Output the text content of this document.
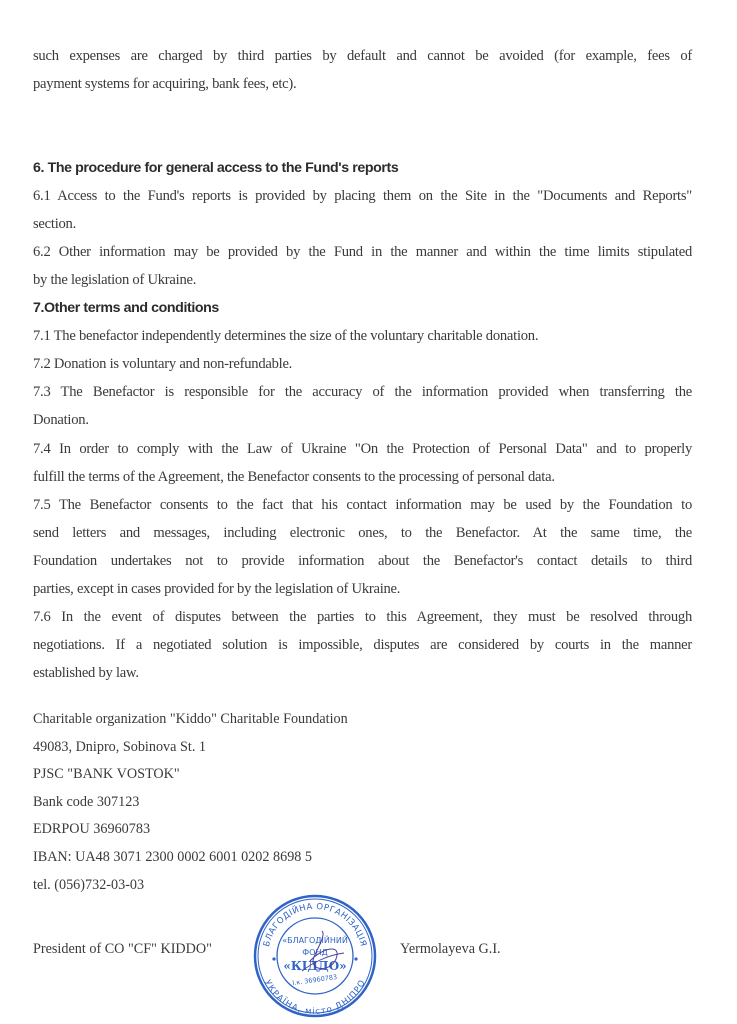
such expenses are charged by third parties by default and cannot be avoided (for example, fees of
payment systems for acquiring, bank fees, etc).
6. The procedure for general access to the Fund's reports
6.1 Access to the Fund's reports is provided by placing them on the Site in the "Documents and Reports"
section.
6.2 Other information may be provided by the Fund in the manner and within the time limits stipulated
by the legislation of Ukraine.
7.Other terms and conditions
7.1 The benefactor independently determines the size of the voluntary charitable donation.
7.2 Donation is voluntary and non-refundable.
7.3 The Benefactor is responsible for the accuracy of the information provided when transferring the
Donation.
7.4 In order to comply with the Law of Ukraine "On the Protection of Personal Data" and to properly
fulfill the terms of the Agreement, the Benefactor consents to the processing of personal data.
7.5 The Benefactor consents to the fact that his contact information may be used by the Foundation to
send letters and messages, including electronic ones, to the Benefactor. At the same time, the
Foundation undertakes not to provide information about the Benefactor's contact details to third
parties, except in cases provided for by the legislation of Ukraine.
7.6 In the event of disputes between the parties to this Agreement, they must be resolved through
negotiations. If a negotiated solution is impossible, disputes are considered by courts in the manner
established by law.
Charitable organization "Kiddo" Charitable Foundation
49083, Dnipro, Sobinova St. 1
PJSC "BANK VOSTOK"
Bank code 307123
EDRPOU 36960783
IBAN: UA48 3071 2300 0002 6001 0202 8698 5
tel. (056)732-03-03
President of CO "CF" KIDDO"	Yermolayeva G.I.
БЛАГОДІЙНА ОРГАНІЗАЦІЯ
УКРАЇНА, місто ДНІПРО
«БЛАГОДІЙНИЙ
ФОНД
«КІДДО»
І.к. 36960783
